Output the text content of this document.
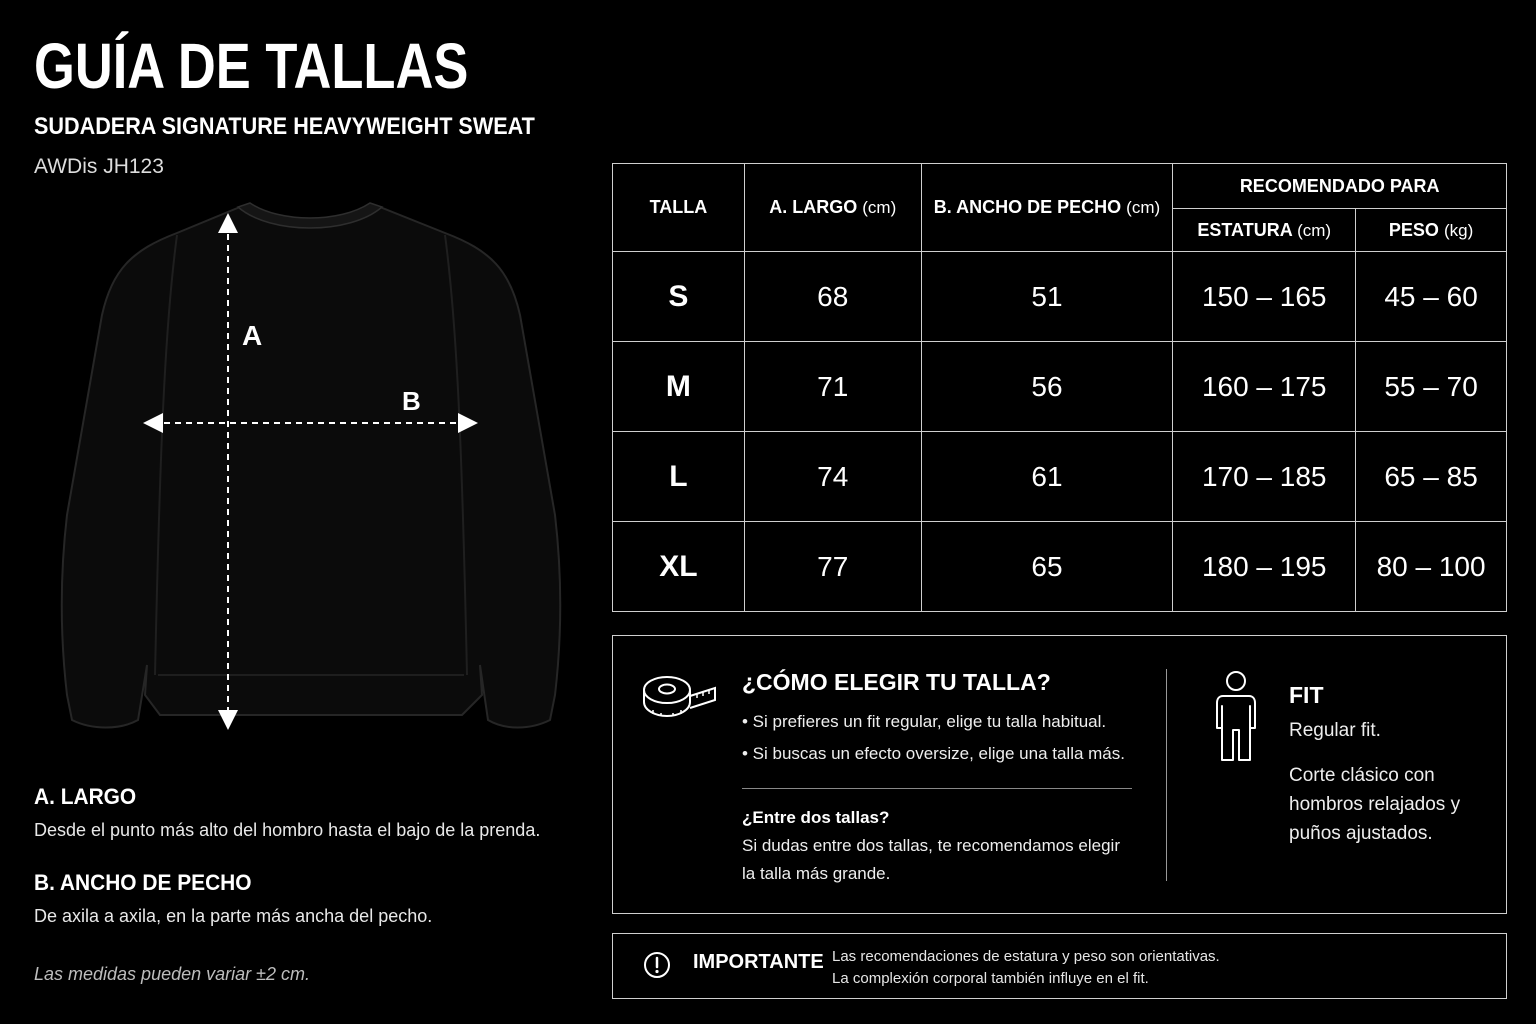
GUÍA DE TALLAS
SUDADERA SIGNATURE HEAVYWEIGHT SWEAT
AWDis JH123
A
B
A. LARGO
Desde el punto más alto del hombro hasta el bajo de la prenda.
B. ANCHO DE PECHO
De axila a axila, en la parte más ancha del pecho.
Las medidas pueden variar ±2 cm.
TALLA	A. LARGO (cm)	B. ANCHO DE PECHO (cm)	RECOMENDADO PARA	
			ESTATURA (cm)	PESO (kg)
S	68	51	150 – 165	45 – 60
M	71	56	160 – 175	55 – 70
L	74	61	170 – 185	65 – 85
XL	77	65	180 – 195	80 – 100
¿CÓMO ELEGIR TU TALLA?
• Si prefieres un fit regular, elige tu talla habitual.
• Si buscas un efecto oversize, elige una talla más.
¿Entre dos tallas?
Si dudas entre dos tallas, te recomendamos elegir la talla más grande.
FIT
Regular fit.
Corte clásico con hombros relajados y puños ajustados.
IMPORTANTE Las recomendaciones de estatura y peso son orientativas.
La complexión corporal también influye en el fit.
